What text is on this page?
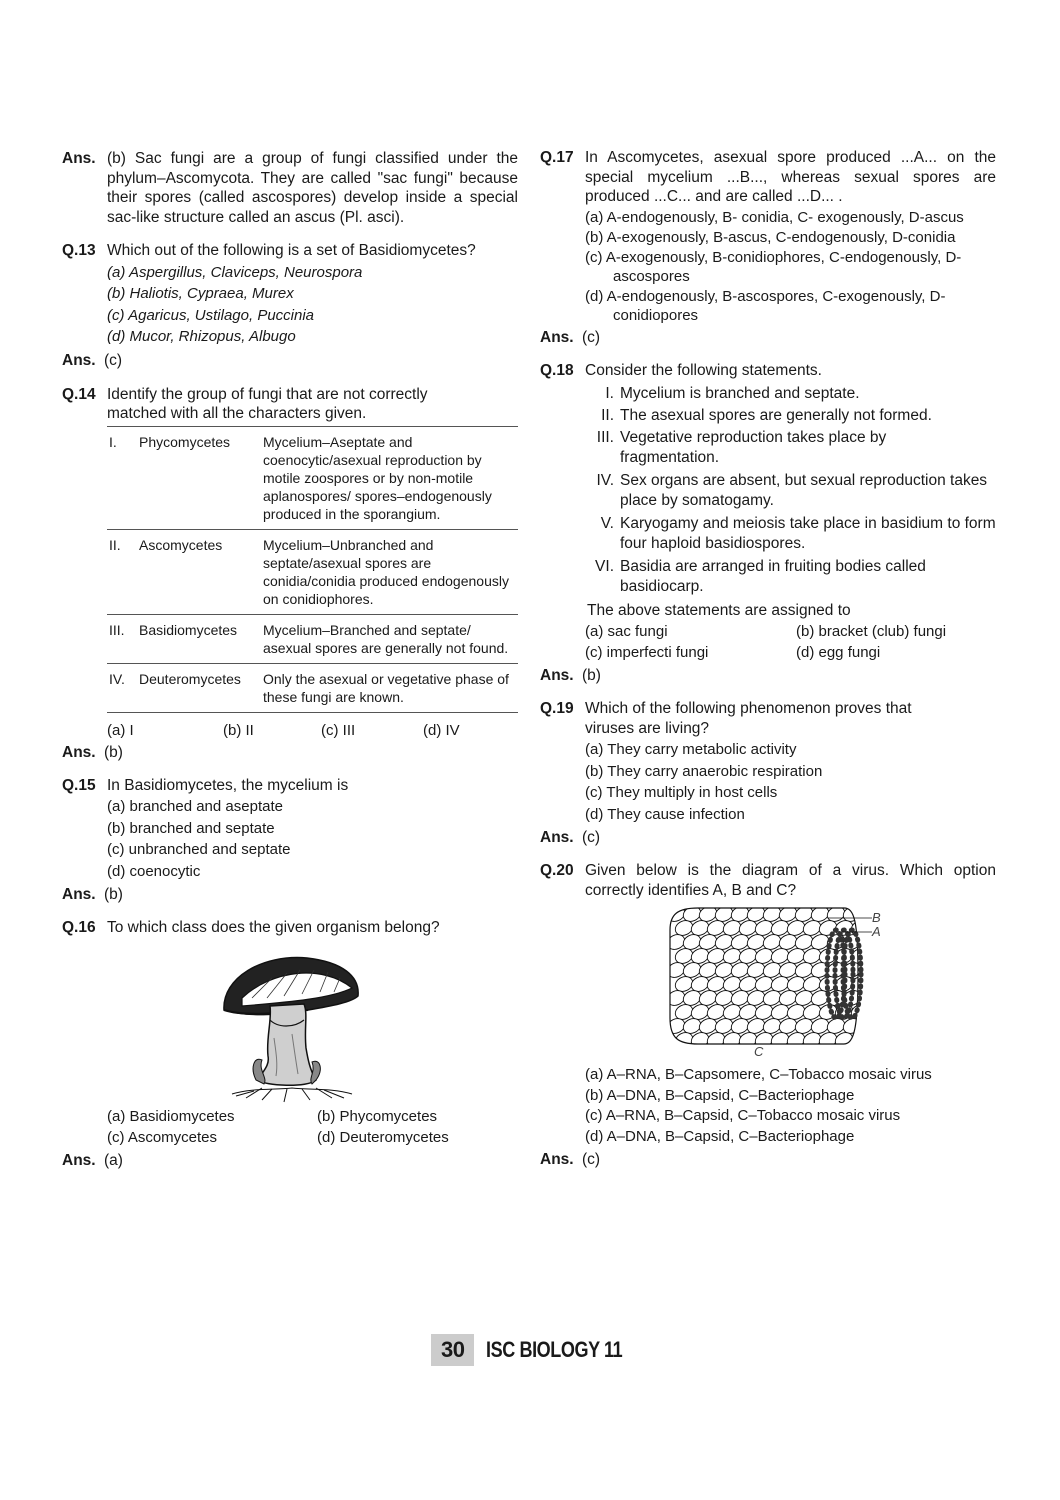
Ans. (b) Sac fungi are a group of fungi classified under the phylum–Ascomycota. They are called "sac fungi" because their spores (called ascospores) develop inside a special sac-like structure called an ascus (Pl. asci).
Q.13 Which out of the following is a set of Basidiomycetes?
(a) Aspergillus, Claviceps, Neurospora
(b) Haliotis, Cypraea, Murex
(c) Agaricus, Ustilago, Puccinia
(d) Mucor, Rhizopus, Albugo
Ans. (c)
Q.14 Identify the group of fungi that are not correctly matched with all the characters given.
I.	Phycomycetes	Mycelium–Aseptate and coenocytic/asexual reproduction by motile zoospores or by non-motile aplanospores/ spores–endogenously produced in the sporangium.
II.	Ascomycetes	Mycelium–Unbranched and septate/asexual spores are conidia/conidia produced endogenously on conidiophores.
III.	Basidiomycetes	Mycelium–Branched and septate/ asexual spores are generally not found.
IV.	Deuteromycetes	Only the asexual or vegetative phase of these fungi are known.
(a) I	(b) II	(c) III	(d) IV
Ans. (b)
Q.15 In Basidiomycetes, the mycelium is
(a) branched and aseptate
(b) branched and septate
(c) unbranched and septate
(d) coenocytic
Ans. (b)
Q.16 To which class does the given organism belong?
(a) Basidiomycetes	(b) Phycomycetes
(c) Ascomycetes	(d) Deuteromycetes
Ans. (a)
Q.17 In Ascomycetes, asexual spore produced ...A... on the special mycelium ...B..., whereas sexual spores are produced ...C... and are called ...D... .
(a) A-endogenously, B- conidia, C- exogenously, D-ascus
(b) A-exogenously, B-ascus, C-endogenously, D-conidia
(c) A-exogenously, B-conidiophores, C-endogenously, D-ascospores
(d) A-endogenously, B-ascospores, C-exogenously, D-conidiopores
Ans. (c)
Q.18 Consider the following statements.
I. Mycelium is branched and septate.
II. The asexual spores are generally not formed.
III. Vegetative reproduction takes place by fragmentation.
IV. Sex organs are absent, but sexual reproduction takes place by somatogamy.
V. Karyogamy and meiosis take place in basidium to form four haploid basidiospores.
VI. Basidia are arranged in fruiting bodies called basidiocarp.
The above statements are assigned to
(a) sac fungi	(b) bracket (club) fungi
(c) imperfecti fungi	(d) egg fungi
Ans. (b)
Q.19 Which of the following phenomenon proves that viruses are living?
(a) They carry metabolic activity
(b) They carry anaerobic respiration
(c) They multiply in host cells
(d) They cause infection
Ans. (c)
Q.20 Given below is the diagram of a virus. Which option correctly identifies A, B and C?
B
A
C
(a) A–RNA, B–Capsomere, C–Tobacco mosaic virus
(b) A–DNA, B–Capsid, C–Bacteriophage
(c) A–RNA, B–Capsid, C–Tobacco mosaic virus
(d) A–DNA, B–Capsid, C–Bacteriophage
Ans. (c)
30	ISC BIOLOGY 11
